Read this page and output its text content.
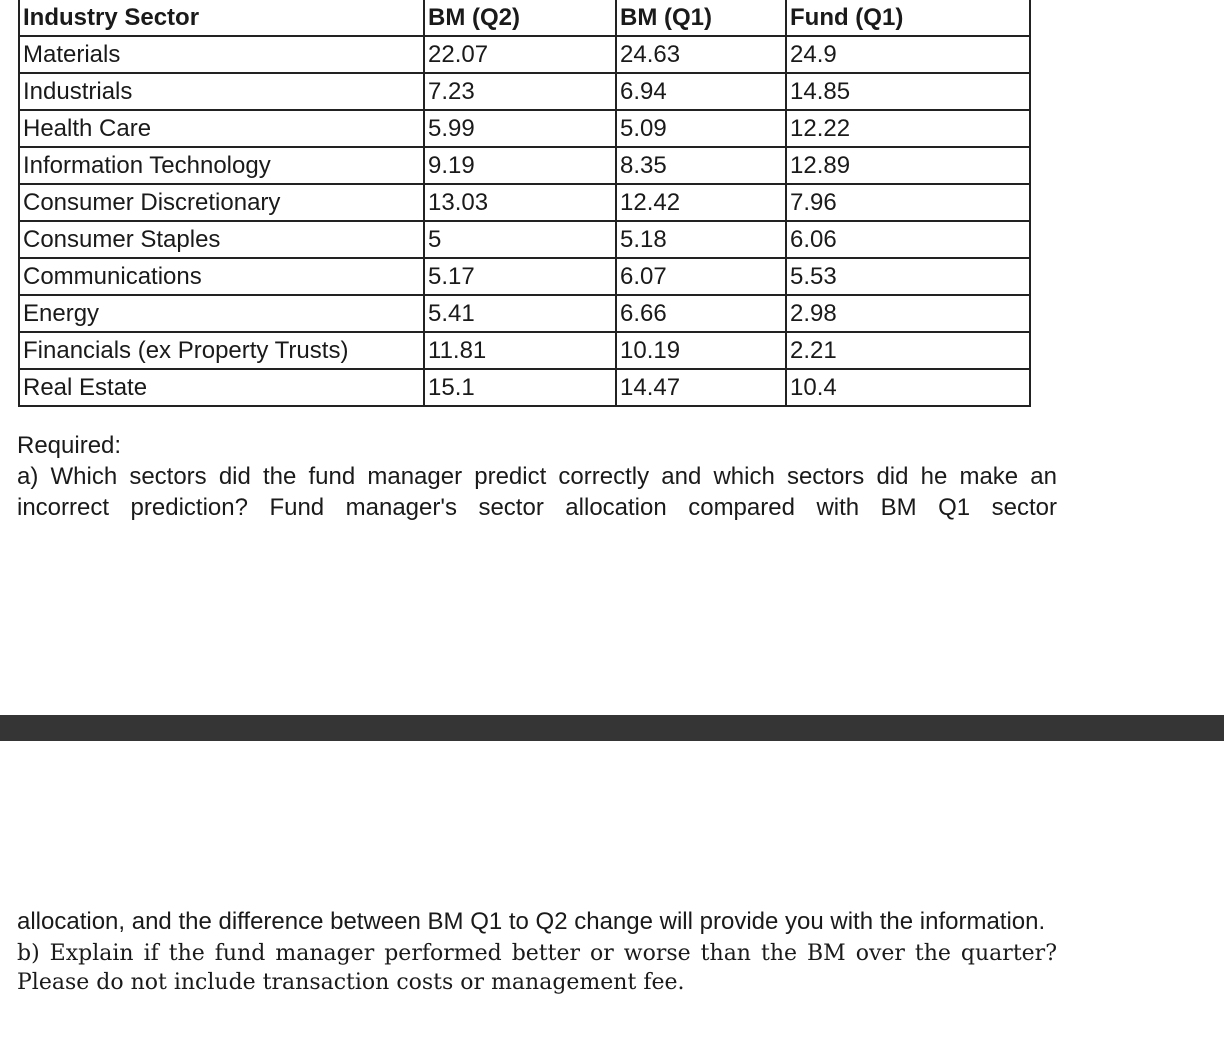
Industry Sector	BM (Q2)	BM (Q1)	Fund (Q1)
Materials	22.07	24.63	24.9
Industrials	7.23	6.94	14.85
Health Care	5.99	5.09	12.22
Information Technology	9.19	8.35	12.89
Consumer Discretionary	13.03	12.42	7.96
Consumer Staples	5	5.18	6.06
Communications	5.17	6.07	5.53
Energy	5.41	6.66	2.98
Financials (ex Property Trusts)	11.81	10.19	2.21
Real Estate	15.1	14.47	10.4

Required:

a) Which sectors did the fund manager predict correctly and which sectors did he make an incorrect prediction? Fund manager's sector allocation compared with BM Q1 sector

allocation, and the difference between BM Q1 to Q2 change will provide you with the information.

b) Explain if the fund manager performed better or worse than the BM over the quarter? Please do not include transaction costs or management fee.
